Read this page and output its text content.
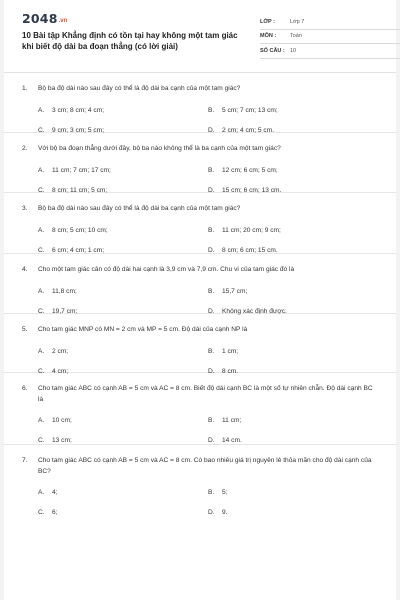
2048.vn
10 Bài tập Khẳng định có tồn tại hay không một tam giác khi biết độ dài ba đoạn thẳng (có lời giải)
LỚP :	Lớp 7
MÔN :	Toán
SỐ CÂU : 10
1.	Bộ ba độ dài nào sau đây có thể là độ dài ba cạnh của một tam giác?
A.	3 cm; 8 cm; 4 cm;	B.	5 cm; 7 cm; 13 cm;
C.	9 cm; 3 cm; 5 cm;	D.	2 cm; 4 cm; 5 cm.
2.	Với bộ ba đoạn thẳng dưới đây, bộ ba nào không thể là ba cạnh của một tam giác?
A.	11 cm; 7 cm; 17 cm;	B.	12 cm; 6 cm; 5 cm;
C.	8 cm; 11 cm; 5 cm;	D.	15 cm; 6 cm; 13 cm.
3.	Bộ ba độ dài nào sau đây có thể là độ dài ba cạnh của một tam giác?
A.	8 cm; 5 cm; 10 cm;	B.	11 cm; 20 cm; 9 cm;
C.	6 cm; 4 cm; 1 cm;	D.	8 cm; 6 cm; 15 cm.
4.	Cho một tam giác cân có độ dài hai cạnh là 3,9 cm và 7,9 cm. Chu vi của tam giác đó là
A.	11,8 cm;	B.	15,7 cm;
C.	19,7 cm;	D.	Không xác định được.
5.	Cho tam giác MNP có MN = 2 cm và MP = 5 cm. Độ dài của cạnh NP là
A.	2 cm;	B.	1 cm;
C.	4 cm;	D.	8 cm.
6.	Cho tam giác ABC có cạnh AB = 5 cm và AC = 8 cm. Biết độ dài cạnh BC là một số tự nhiên chẵn. Độ dài cạnh BC là
A.	10 cm;	B.	11 cm;
C.	13 cm;	D.	14 cm.
7.	Cho tam giác ABC có cạnh AB = 5 cm và AC = 8 cm. Có bao nhiêu giá trị nguyên lẻ thỏa mãn cho độ dài cạnh của BC?
A.	4;	B.	5;
C.	6;	D.	9.
